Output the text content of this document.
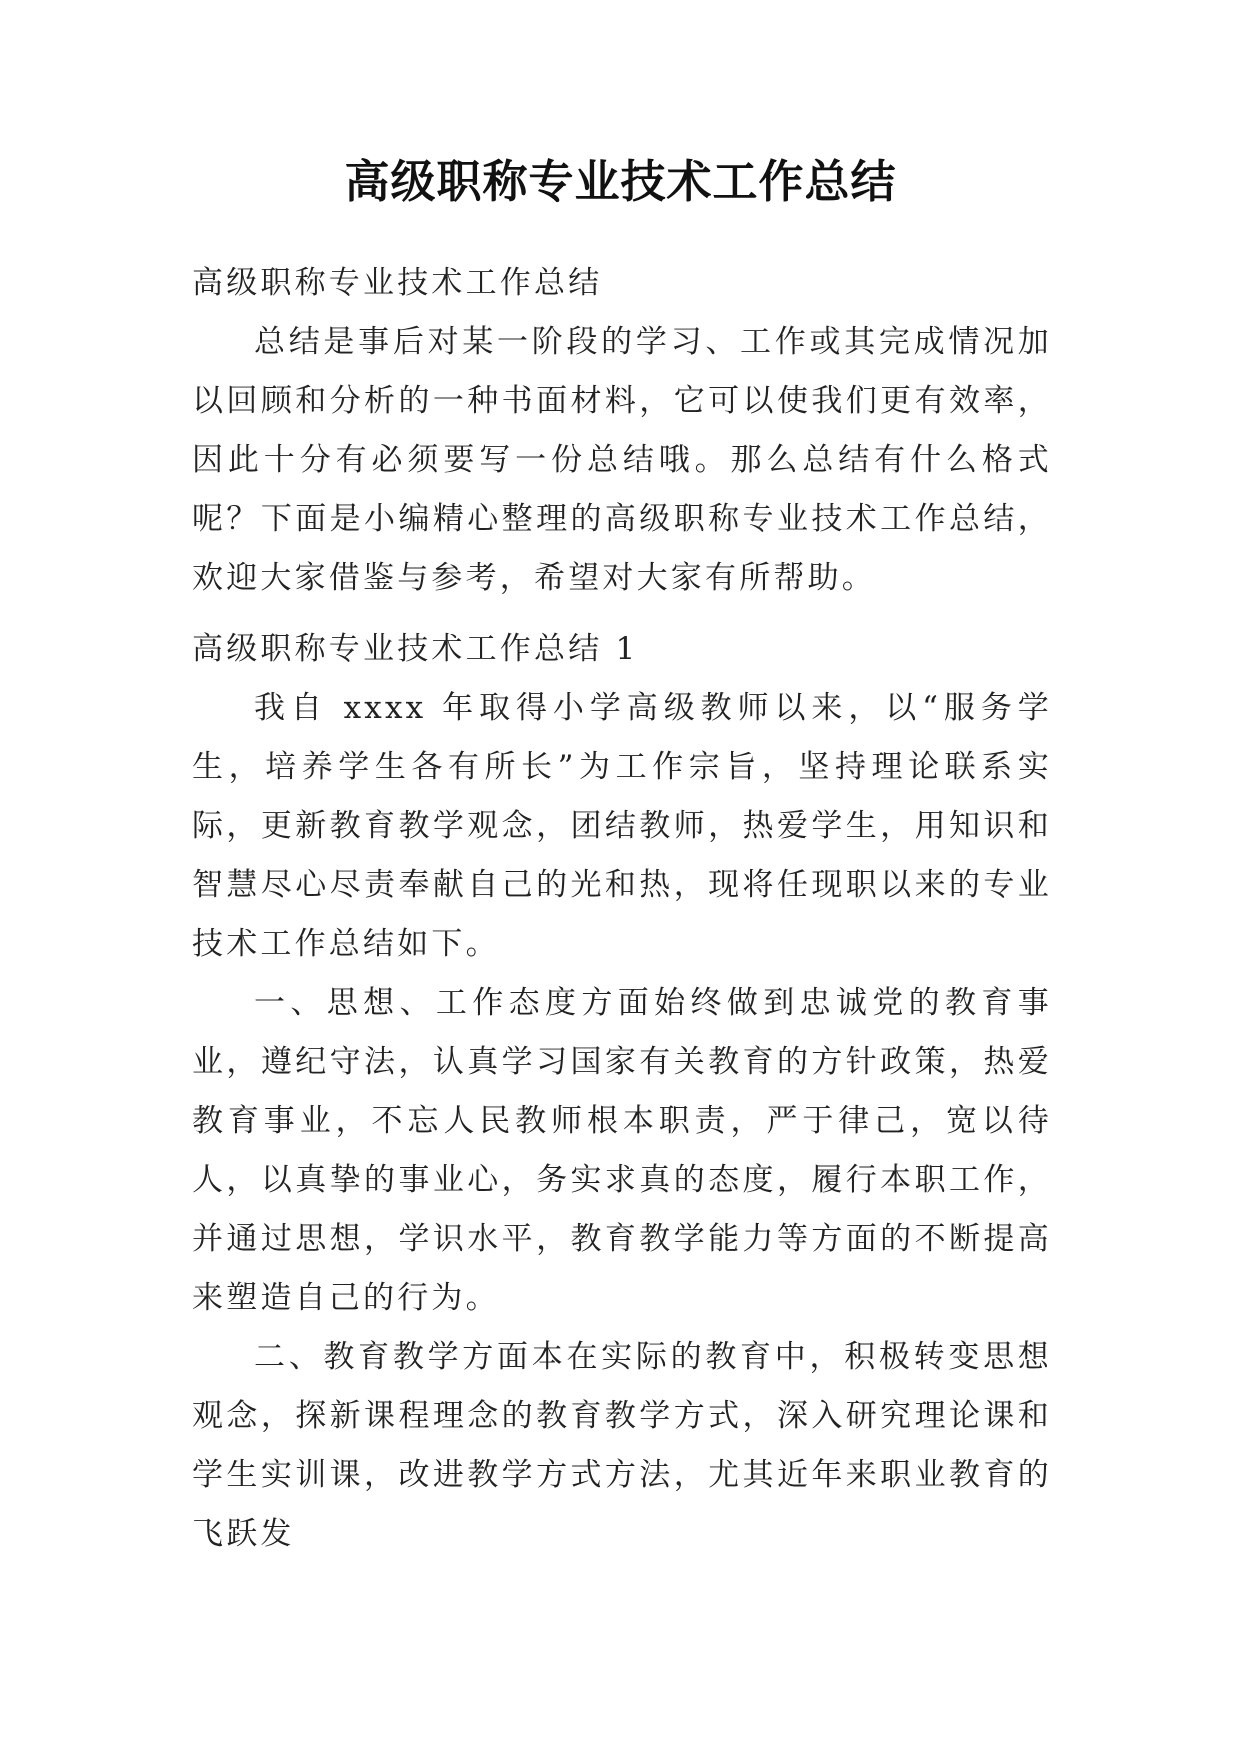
高级职称专业技术工作总结
高级职称专业技术工作总结

总结是事后对某一阶段的学习、工作或其完成情况加以回顾和分析的一种书面材料，它可以使我们更有效率，因此十分有必须要写一份总结哦。那么总结有什么格式呢？下面是小编精心整理的高级职称专业技术工作总结，欢迎大家借鉴与参考，希望对大家有所帮助。

高级职称专业技术工作总结 1

我自 xxxx 年取得小学高级教师以来，以“服务学生，培养学生各有所长”为工作宗旨，坚持理论联系实际，更新教育教学观念，团结教师，热爱学生，用知识和智慧尽心尽责奉献自己的光和热，现将任现职以来的专业技术工作总结如下。

一、思想、工作态度方面始终做到忠诚党的教育事业，遵纪守法，认真学习国家有关教育的方针政策，热爱教育事业，不忘人民教师根本职责，严于律己，宽以待人，以真挚的事业心，务实求真的态度，履行本职工作，并通过思想，学识水平，教育教学能力等方面的不断提高来塑造自己的行为。

二、教育教学方面本在实际的教育中，积极转变思想观念，探新课程理念的教育教学方式，深入研究理论课和学生实训课，改进教学方式方法，尤其近年来职业教育的飞跃发
